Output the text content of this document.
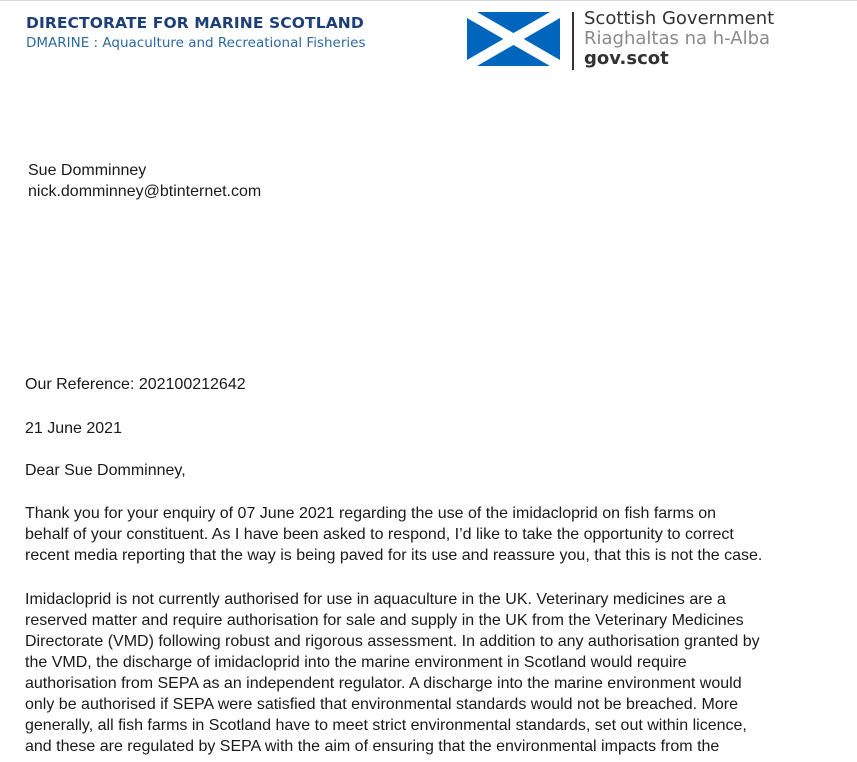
DIRECTORATE FOR MARINE SCOTLAND
DMARINE : Aquaculture and Recreational Fisheries
Scottish Government
Riaghaltas na h-Alba
gov.scot
Sue Domminney
nick.domminney@btinternet.com
Our Reference: 202100212642
21 June 2021
Dear Sue Domminney,
Thank you for your enquiry of 07 June 2021 regarding the use of the imidacloprid on fish farms on
behalf of your constituent. As I have been asked to respond, I’d like to take the opportunity to correct
recent media reporting that the way is being paved for its use and reassure you, that this is not the case.
Imidacloprid is not currently authorised for use in aquaculture in the UK. Veterinary medicines are a
reserved matter and require authorisation for sale and supply in the UK from the Veterinary Medicines
Directorate (VMD) following robust and rigorous assessment. In addition to any authorisation granted by
the VMD, the discharge of imidacloprid into the marine environment in Scotland would require
authorisation from SEPA as an independent regulator. A discharge into the marine environment would
only be authorised if SEPA were satisfied that environmental standards would not be breached. More
generally, all fish farms in Scotland have to meet strict environmental standards, set out within licence,
and these are regulated by SEPA with the aim of ensuring that the environmental impacts from the
